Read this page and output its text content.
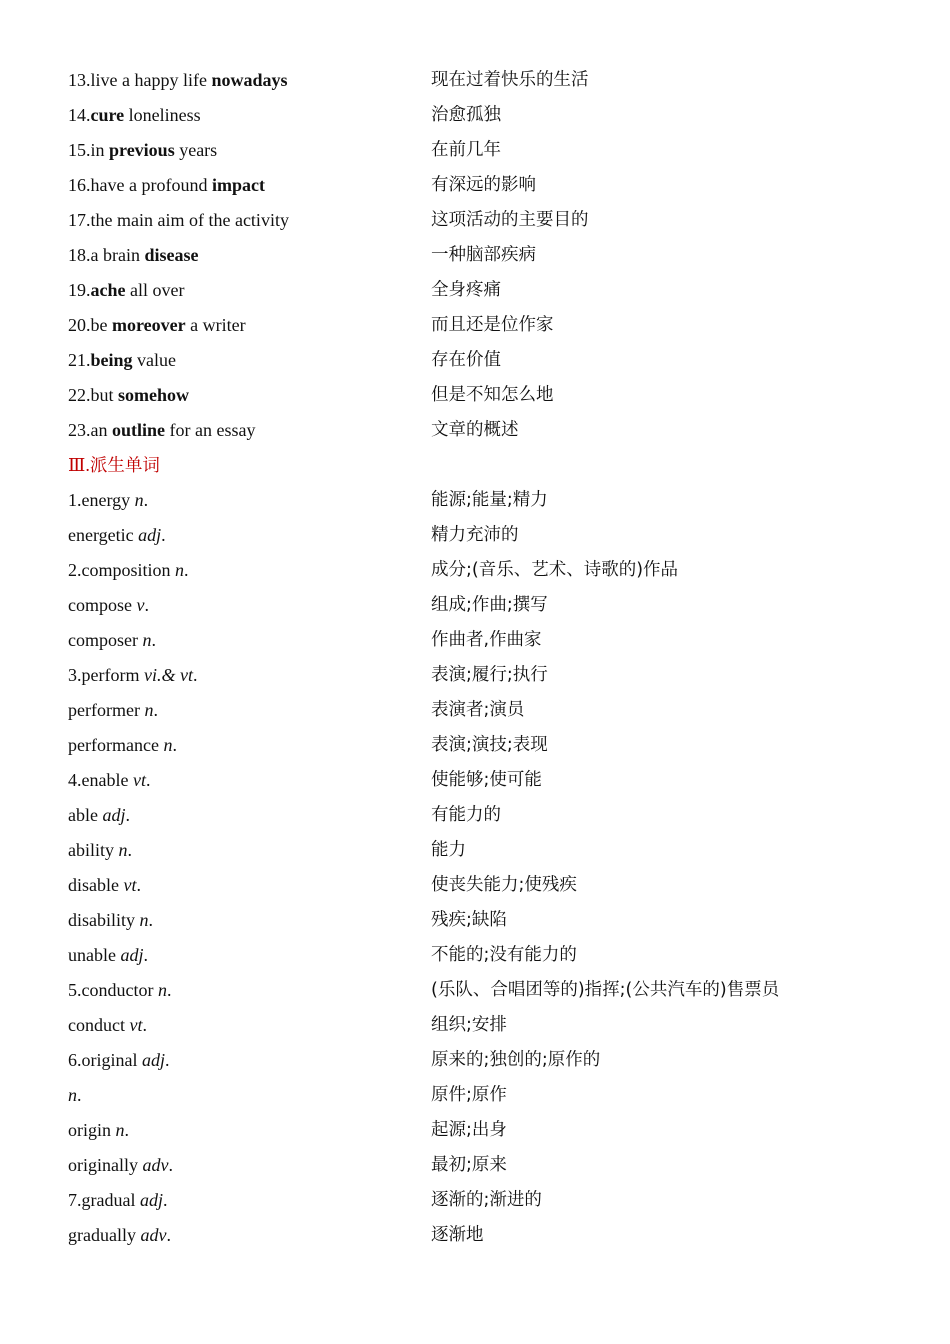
13.live a happy life nowadays	现在过着快乐的生活
14.cure loneliness	治愈孤独
15.in previous years	在前几年
16.have a profound impact	有深远的影响
17.the main aim of the activity	这项活动的主要目的
18.a brain disease	一种脑部疾病
19.ache all over	全身疼痛
20.be moreover a writer	而且还是位作家
21.being value	存在价值
22.but somehow	但是不知怎么地
23.an outline for an essay	文章的概述
Ⅲ.派生单词
1.energy n.	能源;能量;精力
energetic adj.	精力充沛的
2.composition n.	成分;(音乐、艺术、诗歌的)作品
compose v.	组成;作曲;撰写
composer n.	作曲者,作曲家
3.perform vi.& vt.	表演;履行;执行
performer n.	表演者;演员
performance n.	表演;演技;表现
4.enable vt.	使能够;使可能
able adj.	有能力的
ability n.	能力
disable vt.	使丧失能力;使残疾
disability n.	残疾;缺陷
unable adj.	不能的;没有能力的
5.conductor n.	(乐队、合唱团等的)指挥;(公共汽车的)售票员
conduct vt.	组织;安排
6.original adj.	原来的;独创的;原作的
n.	原件;原作
origin n.	起源;出身
originally adv.	最初;原来
7.gradual adj.	逐渐的;渐进的
gradually adv.	逐渐地
